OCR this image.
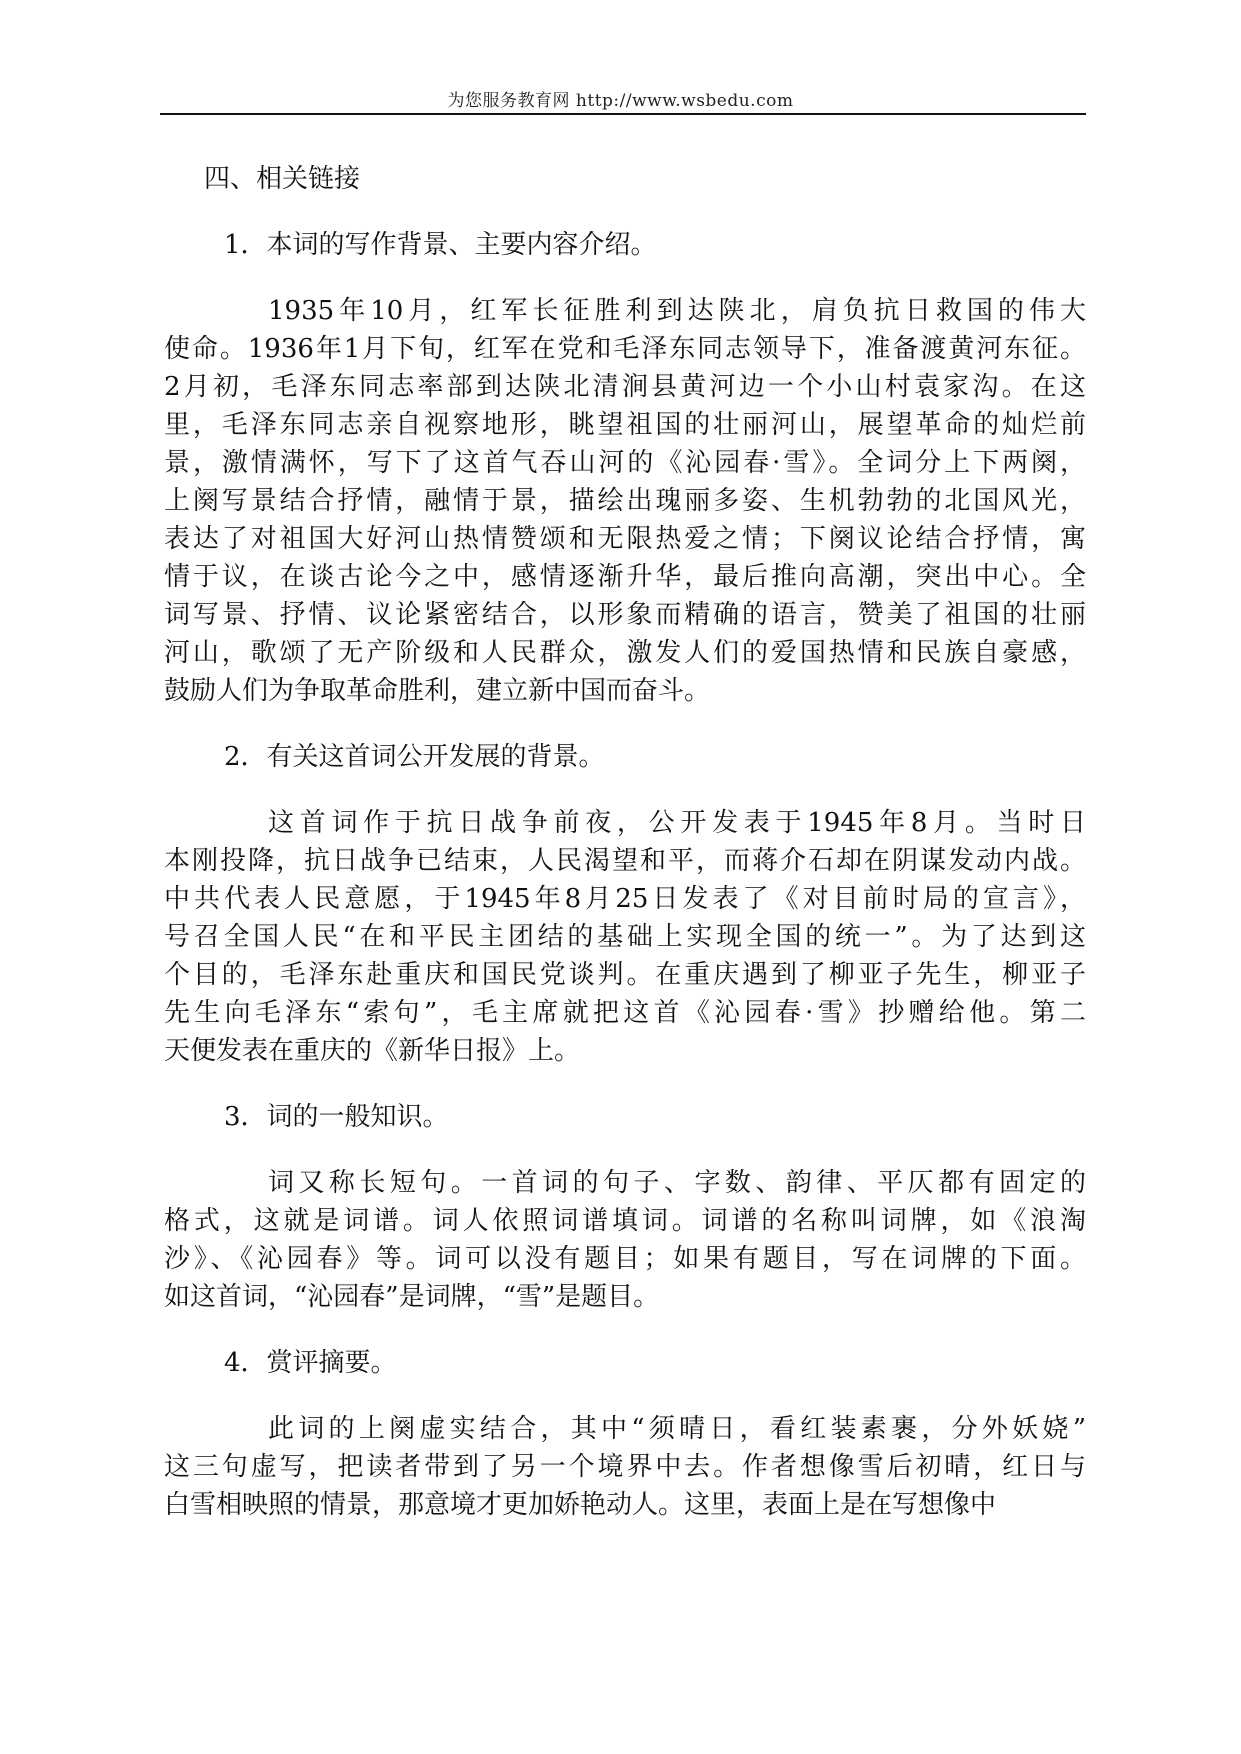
为您服务教育网 http://www.wsbedu.com
四、相关链接
1．本词的写作背景、主要内容介绍。
1935年10月，红军长征胜利到达陕北，肩负抗日救国的伟大
使命。1936年1月下旬，红军在党和毛泽东同志领导下，准备渡黄河东征。
2月初，毛泽东同志率部到达陕北清涧县黄河边一个小山村袁家沟。在这
里，毛泽东同志亲自视察地形，眺望祖国的壮丽河山，展望革命的灿烂前
景，激情满怀，写下了这首气吞山河的《沁园春·雪》。全词分上下两阕，
上阕写景结合抒情，融情于景，描绘出瑰丽多姿、生机勃勃的北国风光，
表达了对祖国大好河山热情赞颂和无限热爱之情；下阕议论结合抒情，寓
情于议，在谈古论今之中，感情逐渐升华，最后推向高潮，突出中心。全
词写景、抒情、议论紧密结合，以形象而精确的语言，赞美了祖国的壮丽
河山，歌颂了无产阶级和人民群众，激发人们的爱国热情和民族自豪感，
鼓励人们为争取革命胜利，建立新中国而奋斗。
2．有关这首词公开发展的背景。
这首词作于抗日战争前夜，公开发表于1945年8月。当时日
本刚投降，抗日战争已结束，人民渴望和平，而蒋介石却在阴谋发动内战。
中共代表人民意愿，于1945年8月25日发表了《对目前时局的宣言》，
号召全国人民“在和平民主团结的基础上实现全国的统一”。为了达到这
个目的，毛泽东赴重庆和国民党谈判。在重庆遇到了柳亚子先生，柳亚子
先生向毛泽东“索句”，毛主席就把这首《沁园春·雪》抄赠给他。第二
天便发表在重庆的《新华日报》上。
3．词的一般知识。
词又称长短句。一首词的句子、字数、韵律、平仄都有固定的
格式，这就是词谱。词人依照词谱填词。词谱的名称叫词牌，如《浪淘
沙》、《沁园春》等。词可以没有题目；如果有题目，写在词牌的下面。
如这首词，“沁园春”是词牌，“雪”是题目。
4．赏评摘要。
此词的上阕虚实结合，其中“须晴日，看红装素裹，分外妖娆”
这三句虚写，把读者带到了另一个境界中去。作者想像雪后初晴，红日与
白雪相映照的情景，那意境才更加娇艳动人。这里，表面上是在写想像中
